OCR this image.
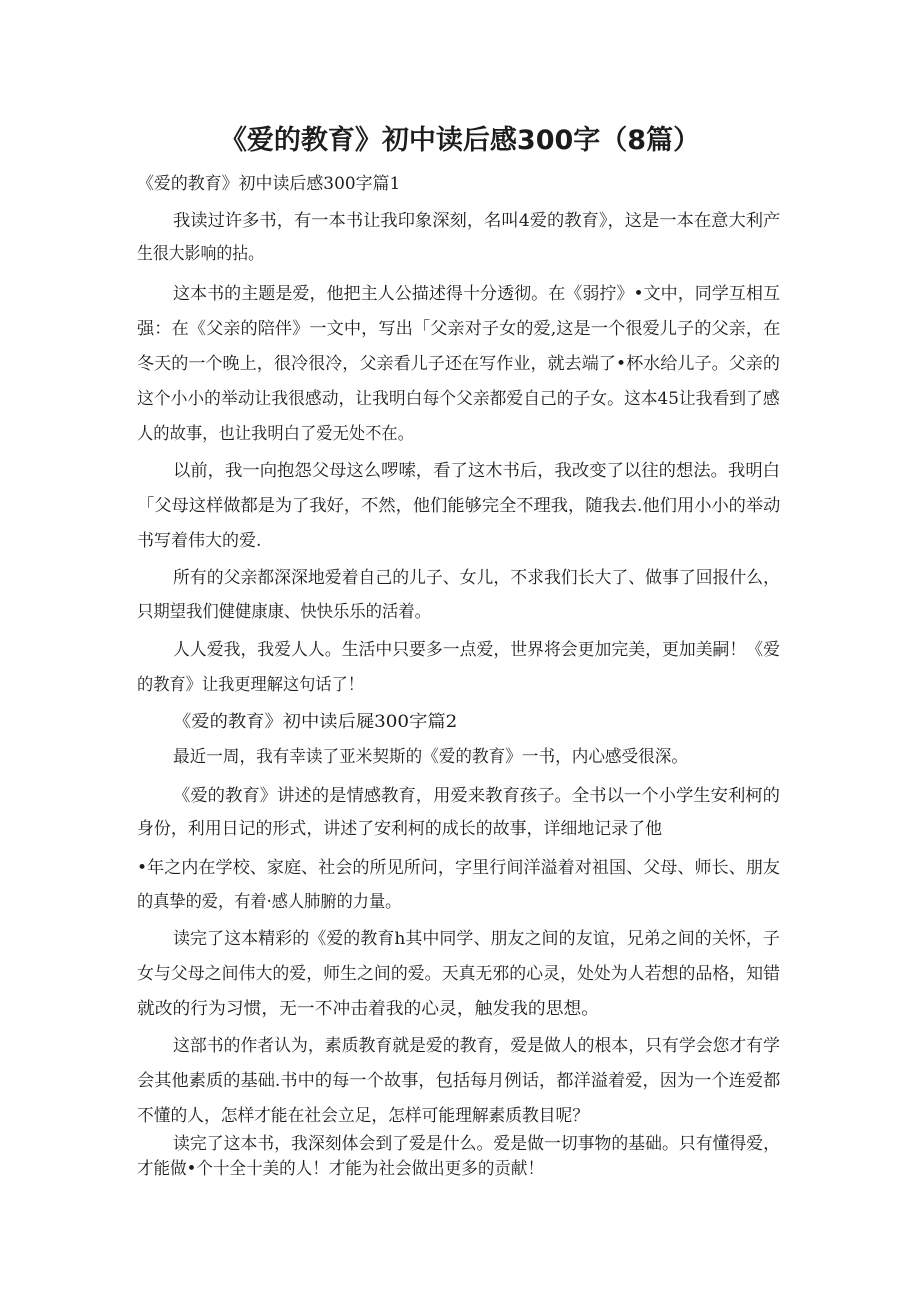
《爱的教育》初中读后感300字（8篇）
《爱的教育》初中读后感300字篇1
我读过许多书，有一本书让我印象深刻，名叫4爱的教育》，这是一本在意大利产
生很大影响的拈。
这本书的主题是爱，他把主人公描述得十分透彻。在《弱拧》•文中，同学互相互
强：在《父亲的陪伴》一文中，写出「父亲对子女的爱,这是一个很爱儿子的父亲，在
冬天的一个晚上，很冷很冷，父亲看儿子还在写作业，就去端了•杯水给儿子。父亲的
这个小小的举动让我很感动，让我明白每个父亲都爱自己的子女。这本45让我看到了感
人的故事，也让我明白了爱无处不在。
以前，我一向抱怨父母这么啰嗦，看了这木书后，我改变了以往的想法。我明白
「父母这样做都是为了我好，不然，他们能够完全不理我，随我去.他们用小小的举动
书写着伟大的爱.
所有的父亲都深深地爱着自己的儿子、女儿，不求我们长大了、做事了回报什么，
只期望我们健健康康、快快乐乐的活着。
人人爱我，我爱人人。生活中只要多一点爱，世界将会更加完美，更加美嗣！《爱
的教育》让我更理解这句话了！
《爱的教育》初中读后屣300字篇2
最近一周，我有幸读了亚米契斯的《爱的教育》一书，内心感受很深。
《爱的教育》讲述的是情感教育，用爱来教育孩子。全书以一个小学生安利柯的
身份，利用日记的形式，讲述了安利柯的成长的故事，详细地记录了他
•年之内在学校、家庭、社会的所见所问，字里行间洋溢着对祖国、父母、师长、朋友
的真挚的爱，有着·感人肺腑的力量。
读完了这本精彩的《爱的教育h其中同学、朋友之间的友谊，兄弟之间的关怀，子
女与父母之间伟大的爱，师生之间的爱。天真无邪的心灵，处处为人若想的品格，知错
就改的行为习惯，无一不冲击着我的心灵，触发我的思想。
这部书的作者认为，素质教育就是爱的教育，爱是做人的根本，只有学会您才有学
会其他素质的基础.书中的每一个故事，包括每月例话，都洋溢着爱，因为一个连爱都
不懂的人，怎样才能在社会立足，怎样可能理解素质教目呢？
读完了这本书，我深刻体会到了爱是什么。爱是做一切事物的基础。只有懂得爱，
才能做•个十全十美的人！才能为社会做出更多的贡献！
